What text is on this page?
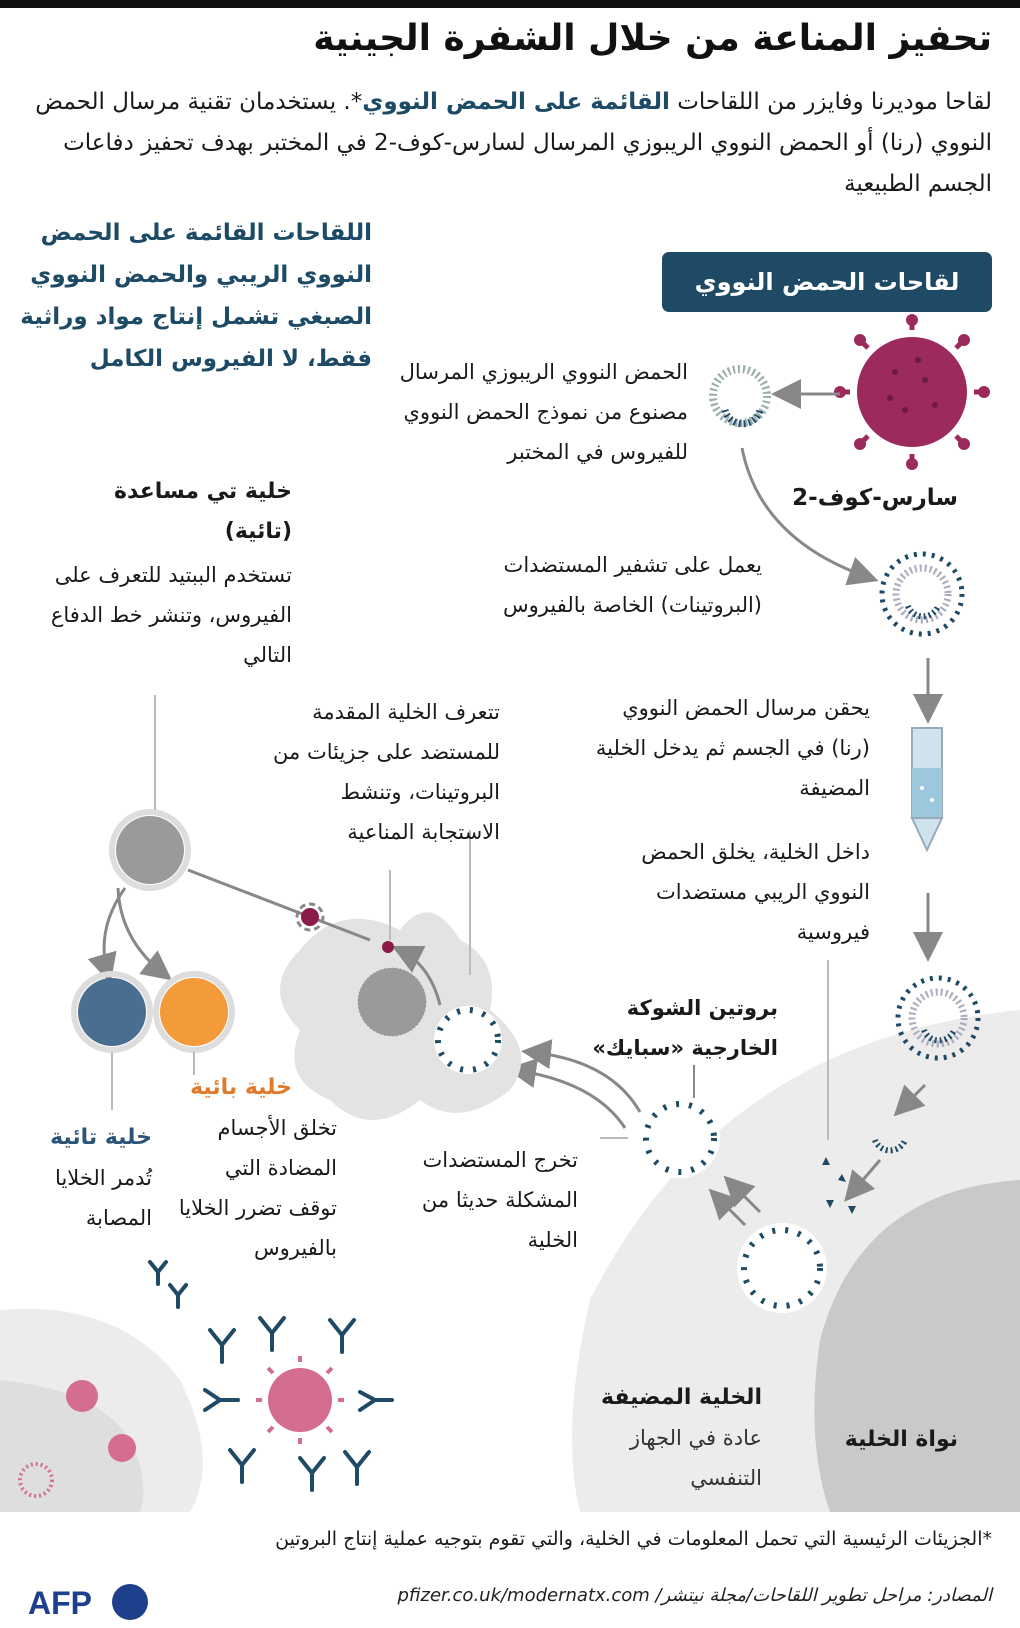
تحفيز المناعة من خلال الشفرة الجينية
لقاحا موديرنا وفايزر من اللقاحات القائمة على الحمض النووي*. يستخدمان تقنية مرسال الحمض النووي (رنا) أو الحمض النووي الريبوزي المرسال لسارس-كوف-2 في المختبر بهدف تحفيز دفاعات الجسم الطبيعية
اللقاحات القائمة على الحمض النووي الريبي والحمض النووي الصبغي تشمل إنتاج مواد وراثية فقط، لا الفيروس الكامل
لقاحات الحمض النووي
سارس-كوف-2
الحمض النووي الريبوزي المرسال مصنوع من نموذج الحمض النووي للفيروس في المختبر
يعمل على تشفير المستضدات (البروتينات) الخاصة بالفيروس
يحقن مرسال الحمض النووي (رنا) في الجسم ثم يدخل الخلية المضيفة
داخل الخلية، يخلق الحمض النووي الريبي مستضدات فيروسية
بروتين الشوكة الخارجية «سبايك»
تخرج المستضدات المشكلة حديثا من الخلية
تتعرف الخلية المقدمة للمستضد على جزيئات من البروتينات، وتنشط الاستجابة المناعية
خلية تي مساعدة (تائية)
تستخدم الببتيد للتعرف على الفيروس، وتنشر خط الدفاع التالي
خلية بائية
تخلق الأجسام المضادة التي توقف تضرر الخلايا بالفيروس
خلية تائية
تُدمر الخلايا المصابة
الخلية المضيفة
عادة في الجهاز التنفسي
نواة الخلية
*الجزيئات الرئيسية التي تحمل المعلومات في الخلية، والتي تقوم بتوجيه عملية إنتاج البروتين
المصادر: مراحل تطوير اللقاحات/مجلة نيتشر/ pfizer.co.uk/modernatx.com
AFP
